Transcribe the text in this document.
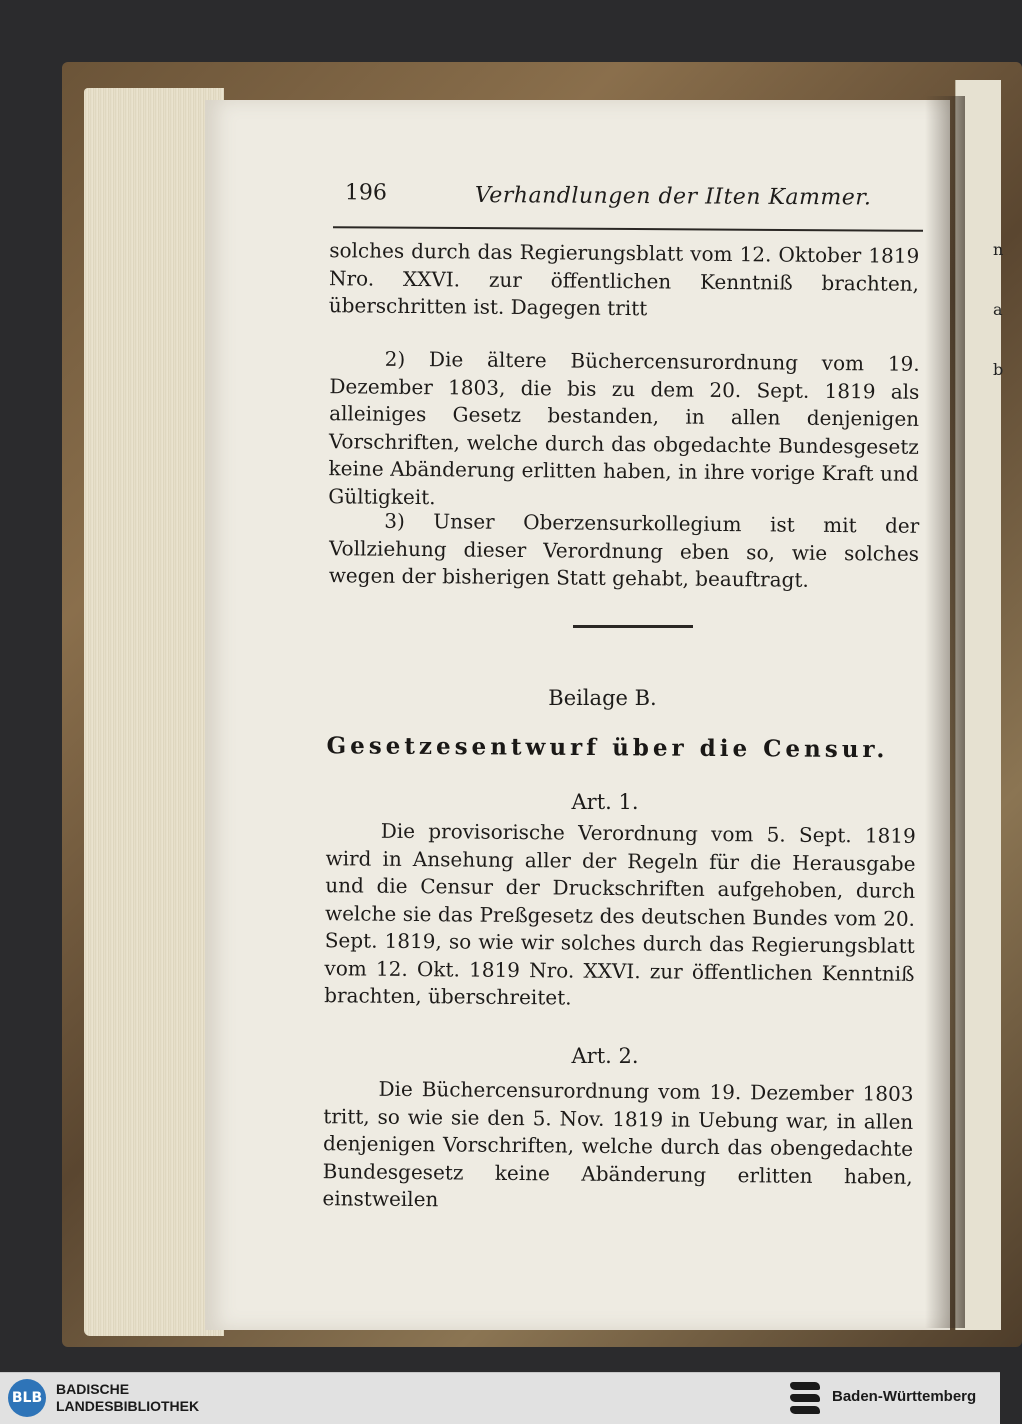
n
a
b
196	Verhandlungen der IIten Kammer.

solches durch das Regierungsblatt vom 12. Oktober 1819 Nro. XXVI. zur öffentlichen Kenntniß brachten, überschritten ist. Dagegen tritt

2) Die ältere Büchercensurordnung vom 19. Dezember 1803, die bis zu dem 20. Sept. 1819 als alleiniges Gesetz bestanden, in allen denjenigen Vorschriften, welche durch das obgedachte Bundesgesetz keine Abänderung erlitten haben, in ihre vorige Kraft und Gültigkeit.

3) Unser Oberzensurkollegium ist mit der Vollziehung dieser Verordnung eben so, wie solches wegen der bisherigen Statt gehabt, beauftragt.

Beilage B.
Gesetzesentwurf über die Censur.
Art. 1.

Die provisorische Verordnung vom 5. Sept. 1819 wird in Ansehung aller der Regeln für die Herausgabe und die Censur der Druckschriften aufgehoben, durch welche sie das Preßgesetz des deutschen Bundes vom 20. Sept. 1819, so wie wir solches durch das Regierungsblatt vom 12. Okt. 1819 Nro. XXVI. zur öffentlichen Kenntniß brachten, überschreitet.

Art. 2.

Die Büchercensurordnung vom 19. Dezember 1803 tritt, so wie sie den 5. Nov. 1819 in Uebung war, in allen denjenigen Vorschriften, welche durch das obengedachte Bundesgesetz keine Abänderung erlitten haben, einstweilen

BLB
BADISCHE
LANDESBIBLIOTHEK
Baden-Württemberg
